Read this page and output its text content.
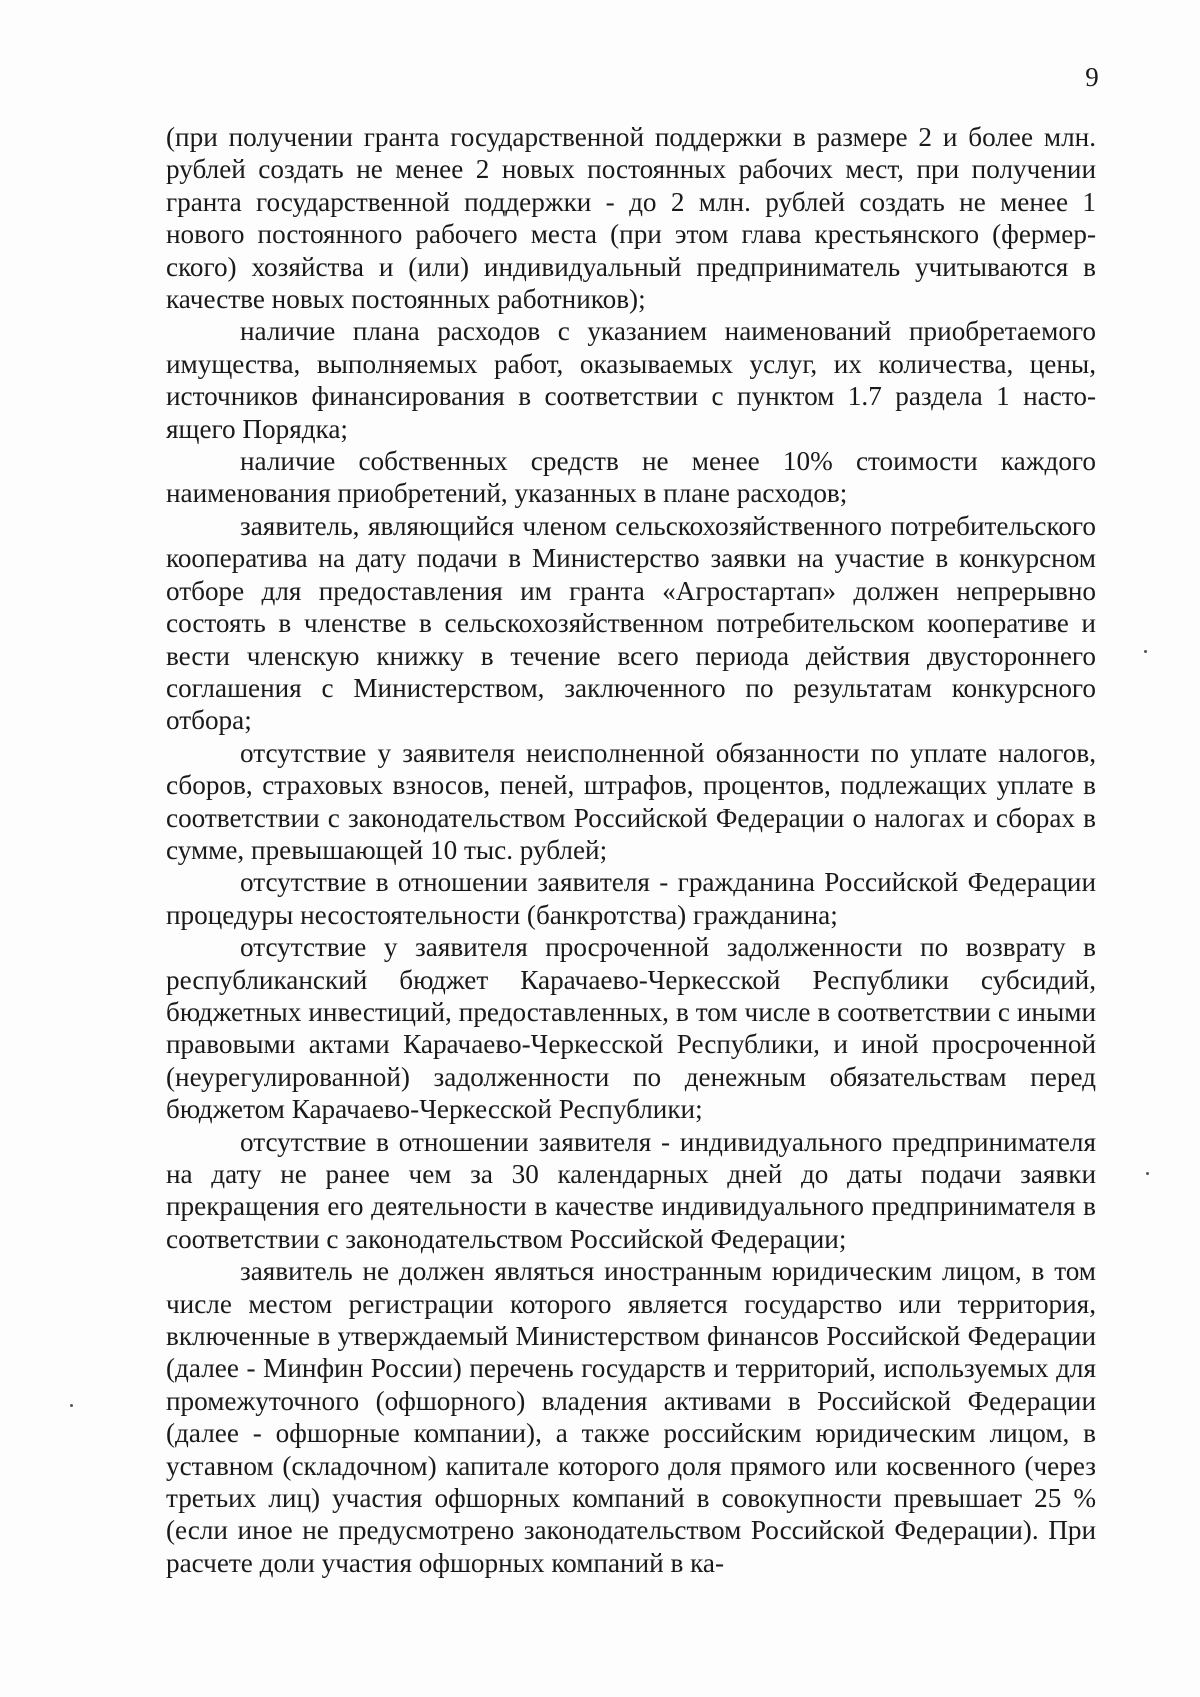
9

(при получении гранта государственной поддержки в размере 2 и более млн. рублей создать не менее 2 новых постоянных рабочих мест, при получении гранта государственной поддержки - до 2 млн. рублей создать не менее 1 нового постоянного рабочего места (при этом глава крестьянского (фермерского) хозяйства и (или) индивидуальный предприниматель учитываются в качестве новых постоянных работников);

наличие плана расходов с указанием наименований приобретаемого имущества, выполняемых работ, оказываемых услуг, их количества, цены, источников финансирования в соответствии с пунктом 1.7 раздела 1 настоящего Порядка;

наличие собственных средств не менее 10% стоимости каждого наименования приобретений, указанных в плане расходов;

заявитель, являющийся членом сельскохозяйственного потребительского кооператива на дату подачи в Министерство заявки на участие в конкурсном отборе для предоставления им гранта «Агростартап» должен непрерывно состоять в членстве в сельскохозяйственном потребительском кооперативе и вести членскую книжку в течение всего периода действия двустороннего соглашения с Министерством, заключенного по результатам конкурсного отбора;

отсутствие у заявителя неисполненной обязанности по уплате налогов, сборов, страховых взносов, пеней, штрафов, процентов, подлежащих уплате в соответствии с законодательством Российской Федерации о налогах и сборах в сумме, превышающей 10 тыс. рублей;

отсутствие в отношении заявителя - гражданина Российской Федерации процедуры несостоятельности (банкротства) гражданина;

отсутствие у заявителя просроченной задолженности по возврату в республиканский бюджет Карачаево-Черкесской Республики субсидий, бюджетных инвестиций, предоставленных, в том числе в соответствии с иными правовыми актами Карачаево-Черкесской Республики, и иной просроченной (неурегулированной) задолженности по денежным обязательствам перед бюджетом Карачаево-Черкесской Республики;

отсутствие в отношении заявителя - индивидуального предпринимателя на дату не ранее чем за 30 календарных дней до даты подачи заявки прекращения его деятельности в качестве индивидуального предпринимателя в соответствии с законодательством Российской Федерации;

заявитель не должен являться иностранным юридическим лицом, в том числе местом регистрации которого является государство или территория, включенные в утверждаемый Министерством финансов Российской Федерации (далее - Минфин России) перечень государств и территорий, используемых для промежуточного (офшорного) владения активами в Российской Федерации (далее - офшорные компании), а также российским юридическим лицом, в уставном (складочном) капитале которого доля прямого или косвенного (через третьих лиц) участия офшорных компаний в совокупности превышает 25 % (если иное не предусмотрено законодательством Российской Федерации). При расчете доли участия офшорных компаний в ка-
